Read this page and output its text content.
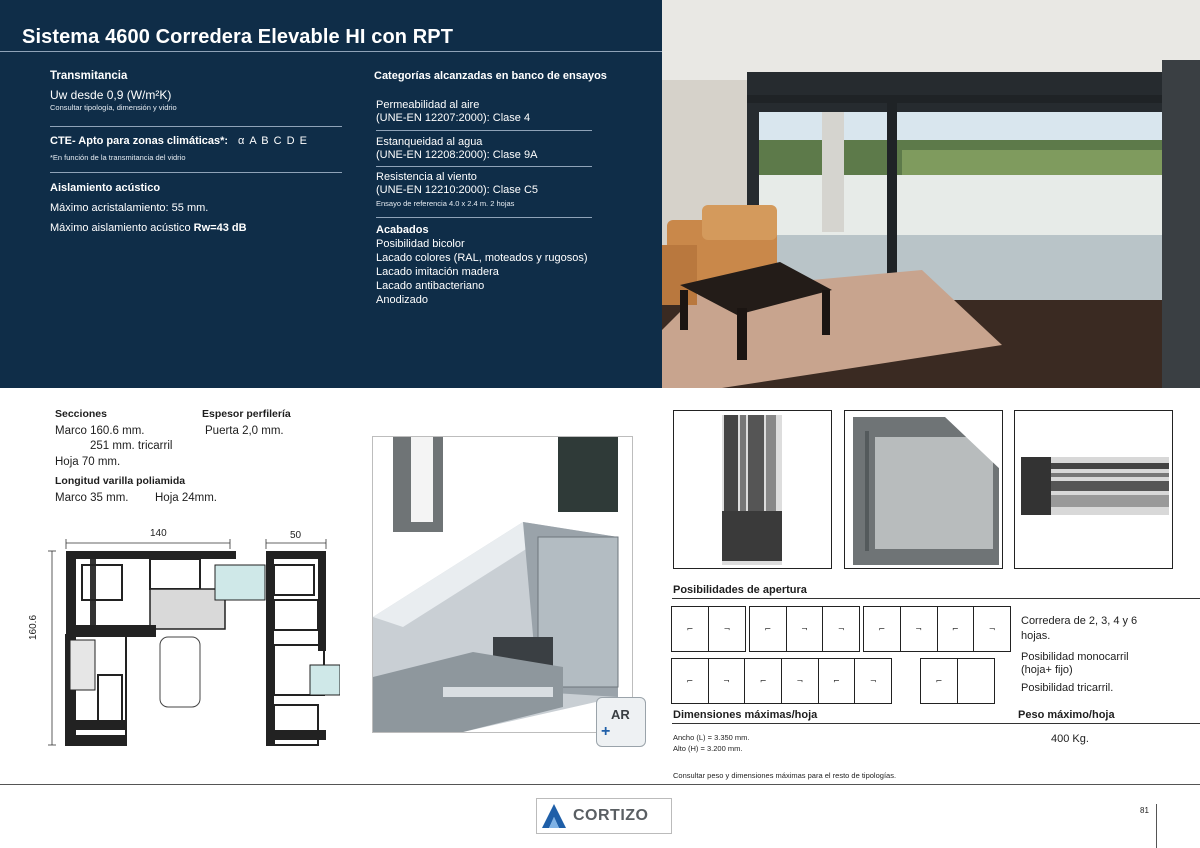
Sistema 4600 Corredera Elevable HI con RPT
Transmitancia
Uw desde 0,9 (W/m²K)
Consultar tipología, dimensión y vidrio
CTE- Apto para zonas climáticas*: α A B C D E
*En función de la transmitancia del vidrio
Aislamiento acústico
Máximo acristalamiento: 55 mm.
Máximo aislamiento acústico Rw=43 dB
Categorías alcanzadas en banco de ensayos
Permeabilidad al aire
(UNE-EN 12207:2000): Clase 4
Estanqueidad al agua
(UNE-EN 12208:2000): Clase 9A
Resistencia al viento
(UNE-EN 12210:2000): Clase C5
Ensayo de referencia 4.0 x 2.4 m. 2 hojas
Acabados
Posibilidad bicolor
Lacado colores (RAL, moteados y rugosos)
Lacado imitación madera
Lacado antibacteriano
Anodizado
Secciones
Marco 160.6 mm.
251 mm. tricarril
Hoja 70 mm.
Espesor perfilería
Puerta 2,0 mm.
Longitud varilla poliamida
Marco 35 mm. Hoja 24mm.
140	50
160.6
AR
+
Posibilidades de apertura
⌐	¬	⌐	¬	¬	⌐	¬	⌐	¬
⌐	¬	⌐	¬	⌐	¬	⌐
Corredera de 2, 3, 4 y 6 hojas.
Posibilidad monocarril (hoja+ fijo)
Posibilidad tricarril.
Dimensiones máximas/hoja	Peso máximo/hoja
Ancho (L) = 3.350 mm.
Alto (H) = 3.200 mm.
400 Kg.
Consultar peso y dimensiones máximas para el resto de tipologías.
CORTIZO	81
